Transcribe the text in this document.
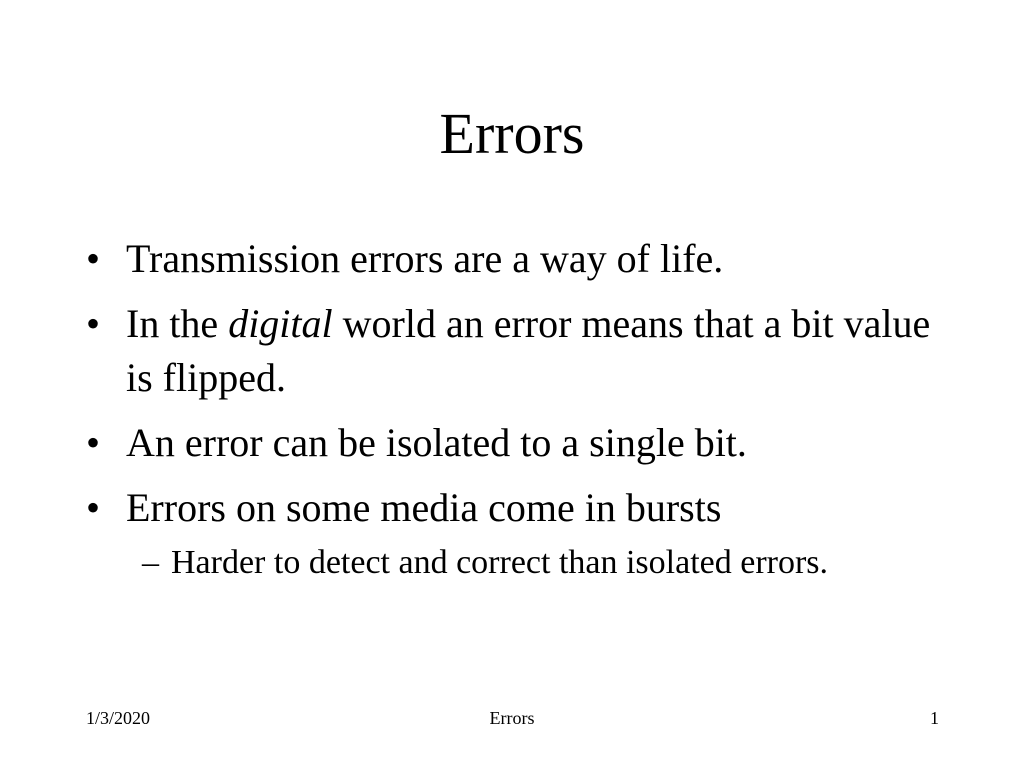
Errors
• Transmission errors are a way of life.
• In the digital world an error means that a bit value is flipped.
• An error can be isolated to a single bit.
• Errors on some media come in bursts
– Harder to detect and correct than isolated errors.
1/3/2020	Errors	1
